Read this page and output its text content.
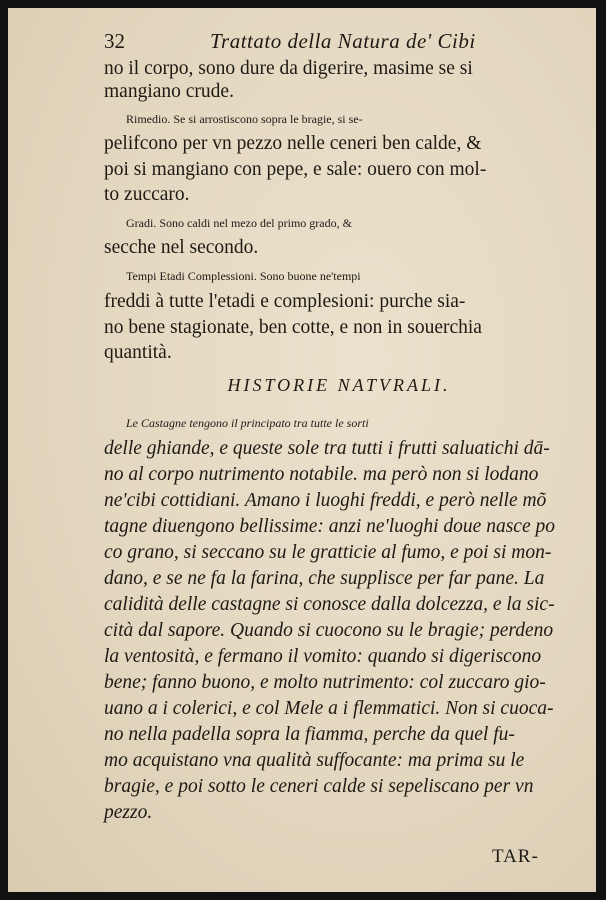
32	Trattato della Natura de' Cibi
no il corpo, sono dure da digerire, masime se si
mangiano crude.
Rimedio. Se si arrostiscono sopra le bragie, si se-
pelifcono per vn pezzo nelle ceneri ben calde, &
poi si mangiano con pepe, e sale: ouero con mol-
to zuccaro.
Gradi. Sono caldi nel mezo del primo grado, &
secche nel secondo.
Tempi Etadi Complessioni. Sono buone ne'tempi
freddi à tutte l'etadi e complesioni: purche sia-
no bene stagionate, ben cotte, e non in souerchia
quantità.
HISTORIE NATVRALI.
Le Castagne tengono il principato tra tutte le sorti
delle ghiande, e queste sole tra tutti i frutti saluatichi dā-
no al corpo nutrimento notabile. ma però non si lodano
ne'cibi cottidiani. Amano i luoghi freddi, e però nelle mõ
tagne diuengono bellissime: anzi ne'luoghi doue nasce po
co grano, si seccano su le gratticie al fumo, e poi si mon-
dano, e se ne fa la farina, che supplisce per far pane. La
calidità delle castagne si conosce dalla dolcezza, e la sic-
cità dal sapore. Quando si cuocono su le bragie; perdeno
la ventosità, e fermano il vomito: quando si digeriscono
bene; fanno buono, e molto nutrimento: col zuccaro gio-
uano a i colerici, e col Mele a i flemmatici. Non si cuoca-
no nella padella sopra la fiamma, perche da quel fu-
mo acquistano vna qualità suffocante: ma prima su le
bragie, e poi sotto le ceneri calde si sepeliscano per vn
pezzo.
TAR-
